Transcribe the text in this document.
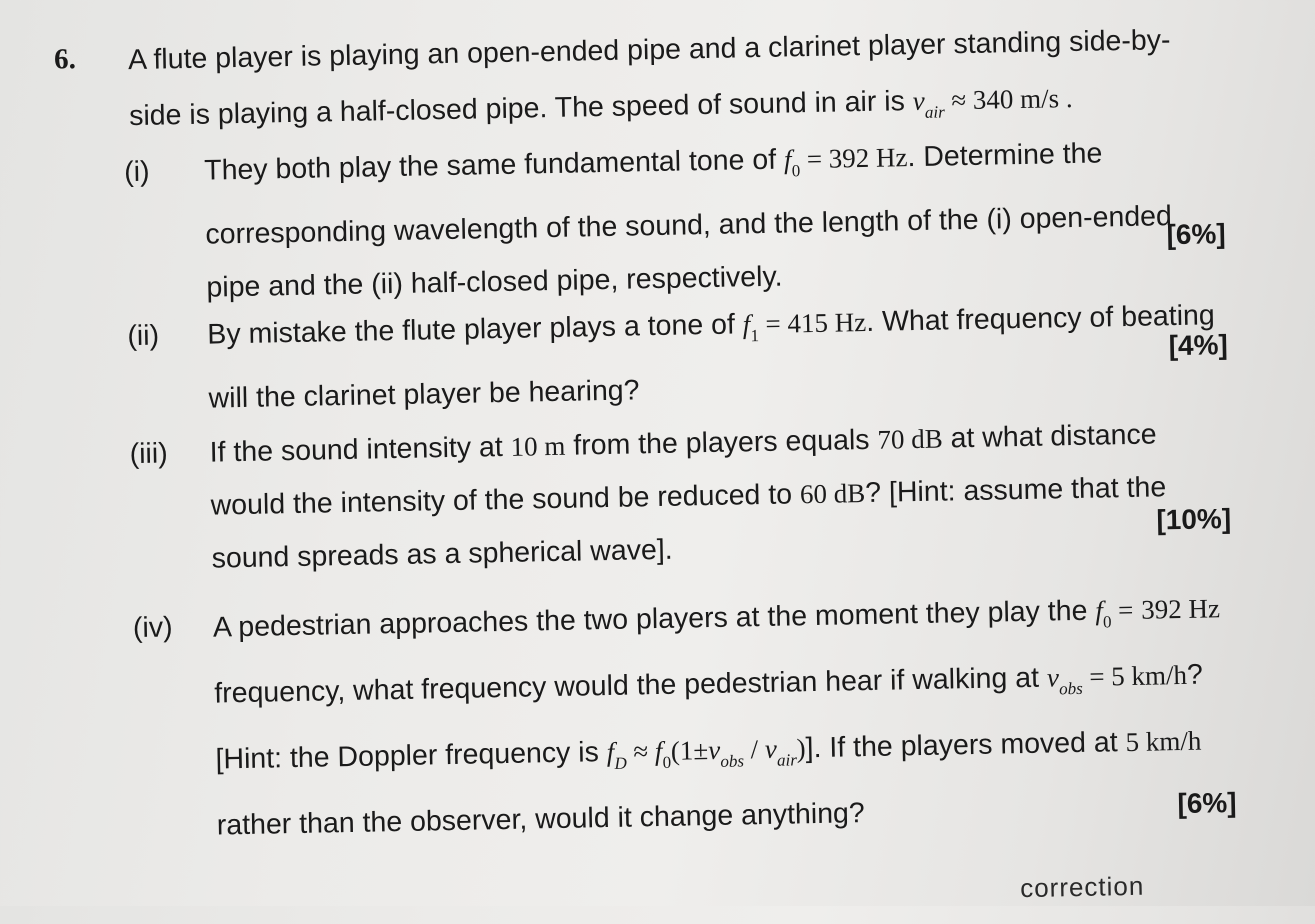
6. A flute player is playing an open-ended pipe and a clarinet player standing side-by-side is playing a half-closed pipe. The speed of sound in air is $v_{air} \approx 340$ m/s .
(i) They both play the same fundamental tone of $f_0 = 392$ Hz. Determine the corresponding wavelength of the sound, and the length of the (i) open-ended pipe and the (ii) half-closed pipe, respectively.
[6%]
(ii) By mistake the flute player plays a tone of $f_1 = 415$ Hz. What frequency of beating will the clarinet player be hearing?
[4%]
(iii) If the sound intensity at 10 m from the players equals 70 dB at what distance would the intensity of the sound be reduced to 60 dB? [Hint: assume that the sound spreads as a spherical wave].
[10%]
(iv) A pedestrian approaches the two players at the moment they play the $f_0 = 392$ Hz frequency, what frequency would the pedestrian hear if walking at $v_{obs} = 5$ km/h? [Hint: the Doppler frequency is $f_D \approx f_0(1\pm v_{obs} / v_{air})$]. If the players moved at 5 km/h rather than the observer, would it change anything?	[6%]
correction
